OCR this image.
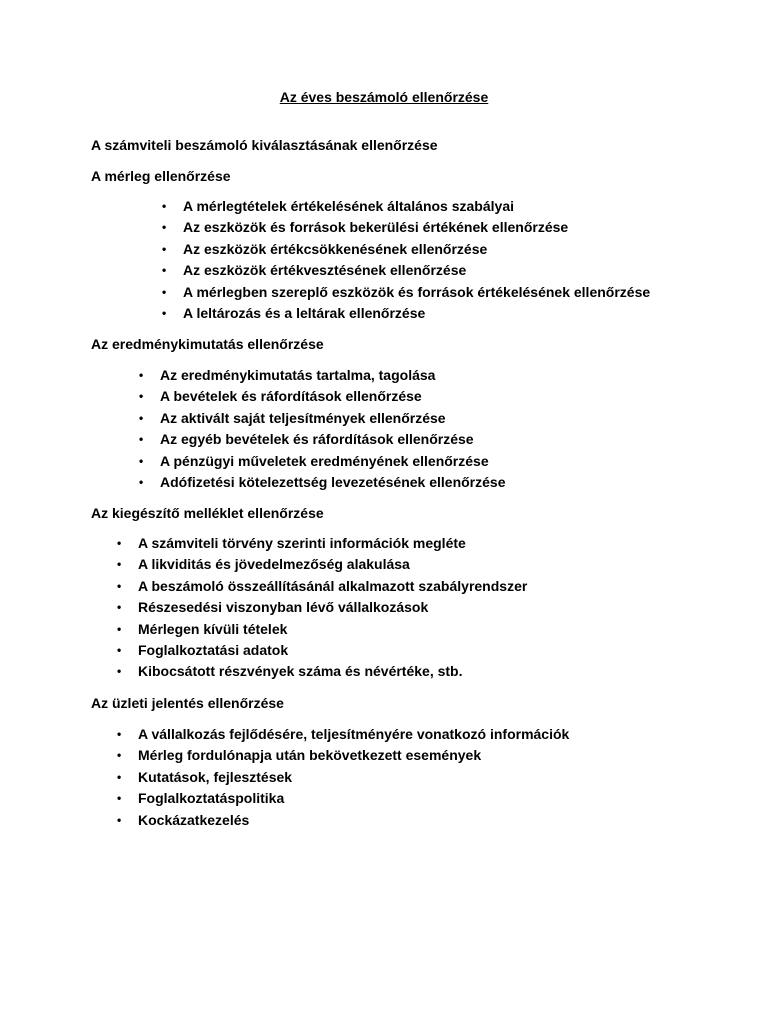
Az éves beszámoló ellenőrzése

A számviteli beszámoló kiválasztásának ellenőrzése

A mérleg ellenőrzése

• A mérlegtételek értékelésének általános szabályai
• Az eszközök és források bekerülési értékének ellenőrzése
• Az eszközök értékcsökkenésének ellenőrzése
• Az eszközök értékvesztésének ellenőrzése
• A mérlegben szereplő eszközök és források értékelésének ellenőrzése
• A leltározás és a leltárak ellenőrzése

Az eredménykimutatás ellenőrzése

• Az eredménykimutatás tartalma, tagolása
• A bevételek és ráfordítások ellenőrzése
• Az aktivált saját teljesítmények ellenőrzése
• Az egyéb bevételek és ráfordítások ellenőrzése
• A pénzügyi műveletek eredményének ellenőrzése
• Adófizetési kötelezettség levezetésének ellenőrzése

Az kiegészítő melléklet ellenőrzése

• A számviteli törvény szerinti információk megléte
• A likviditás és jövedelmezőség alakulása
• A beszámoló összeállításánál alkalmazott szabályrendszer
• Részesedési viszonyban lévő vállalkozások
• Mérlegen kívüli tételek
• Foglalkoztatási adatok
• Kibocsátott részvények száma és névértéke, stb.

Az üzleti jelentés ellenőrzése

• A vállalkozás fejlődésére, teljesítményére vonatkozó információk
• Mérleg fordulónapja után bekövetkezett események
• Kutatások, fejlesztések
• Foglalkoztatáspolitika
• Kockázatkezelés
